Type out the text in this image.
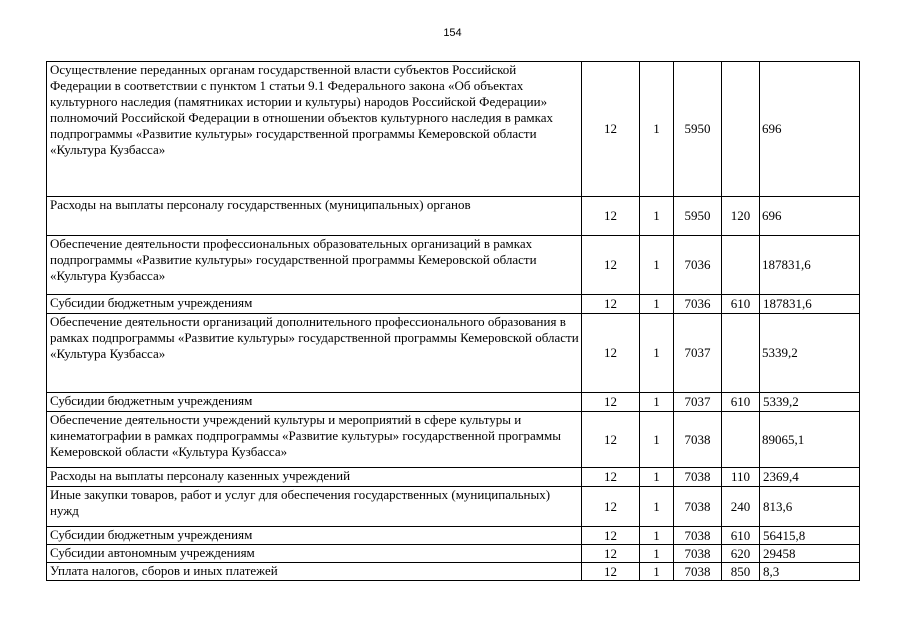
154
Осуществление переданных органам государственной власти субъектов Российской Федерации в соответствии с пунктом 1 статьи 9.1 Федерального закона «Об объектах культурного наследия (памятниках истории и культуры) народов Российской Федерации» полномочий Российской Федерации в отношении объектов культурного наследия в рамках подпрограммы «Развитие культуры» государственной программы Кемеровской области «Культура Кузбасса»	12	1	5950		696
Расходы на выплаты персоналу государственных (муниципальных) органов	12	1	5950	120	696
Обеспечение деятельности профессиональных образовательных организаций в рамках подпрограммы «Развитие культуры» государственной программы Кемеровской области «Культура Кузбасса»	12	1	7036		187831,6
Субсидии бюджетным учреждениям	12	1	7036	610	187831,6
Обеспечение деятельности организаций дополнительного профессионального образования в рамках подпрограммы «Развитие культуры» государственной программы Кемеровской области «Культура Кузбасса»	12	1	7037		5339,2
Субсидии бюджетным учреждениям	12	1	7037	610	5339,2
Обеспечение деятельности учреждений культуры и мероприятий в сфере культуры и кинематографии в рамках подпрограммы «Развитие культуры» государственной программы Кемеровской области «Культура Кузбасса»	12	1	7038		89065,1
Расходы на выплаты персоналу казенных учреждений	12	1	7038	110	2369,4
Иные закупки товаров, работ и услуг для обеспечения государственных (муниципальных) нужд	12	1	7038	240	813,6
Субсидии бюджетным учреждениям	12	1	7038	610	56415,8
Субсидии автономным учреждениям	12	1	7038	620	29458
Уплата налогов, сборов и иных платежей	12	1	7038	850	8,3
